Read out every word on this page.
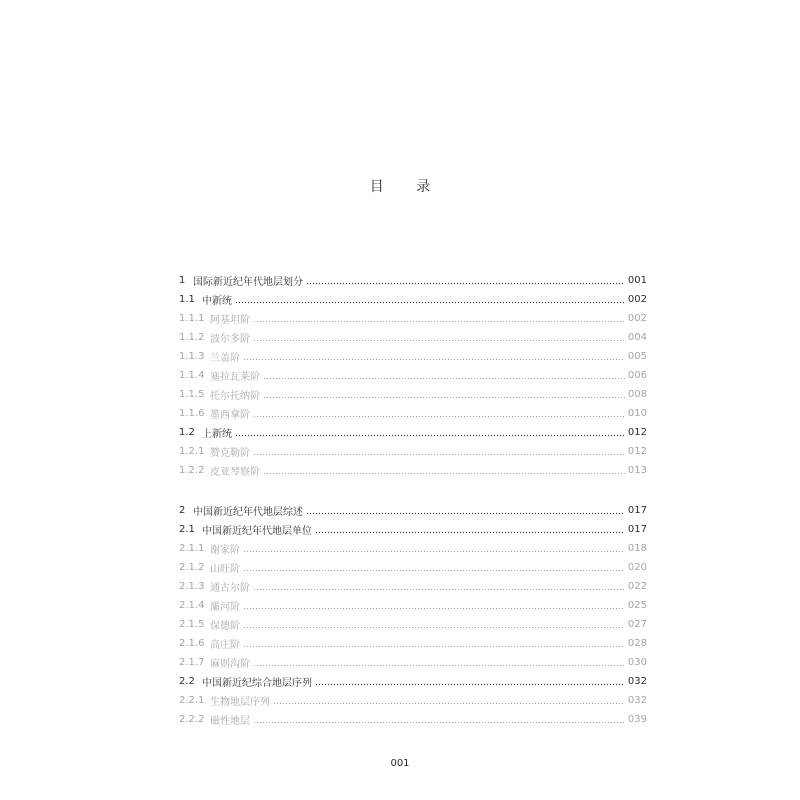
目 录
1 国际新近纪年代地层划分	001
1.1 中新统	002
1.1.1 阿基坦阶	002
1.1.2 波尔多阶	004
1.1.3 兰盖阶	005
1.1.4 塞拉瓦莱阶	006
1.1.5 托尔托纳阶	008
1.1.6 墨西拿阶	010
1.2 上新统	012
1.2.1 赞克勒阶	012
1.2.2 皮亚琴察阶	013
2 中国新近纪年代地层综述	017
2.1 中国新近纪年代地层单位	017
2.1.1 谢家阶	018
2.1.2 山旺阶	020
2.1.3 通古尔阶	022
2.1.4 灞河阶	025
2.1.5 保德阶	027
2.1.6 高庄阶	028
2.1.7 麻则沟阶	030
2.2 中国新近纪综合地层序列	032
2.2.1 生物地层序列	032
2.2.2 磁性地层	039
001
